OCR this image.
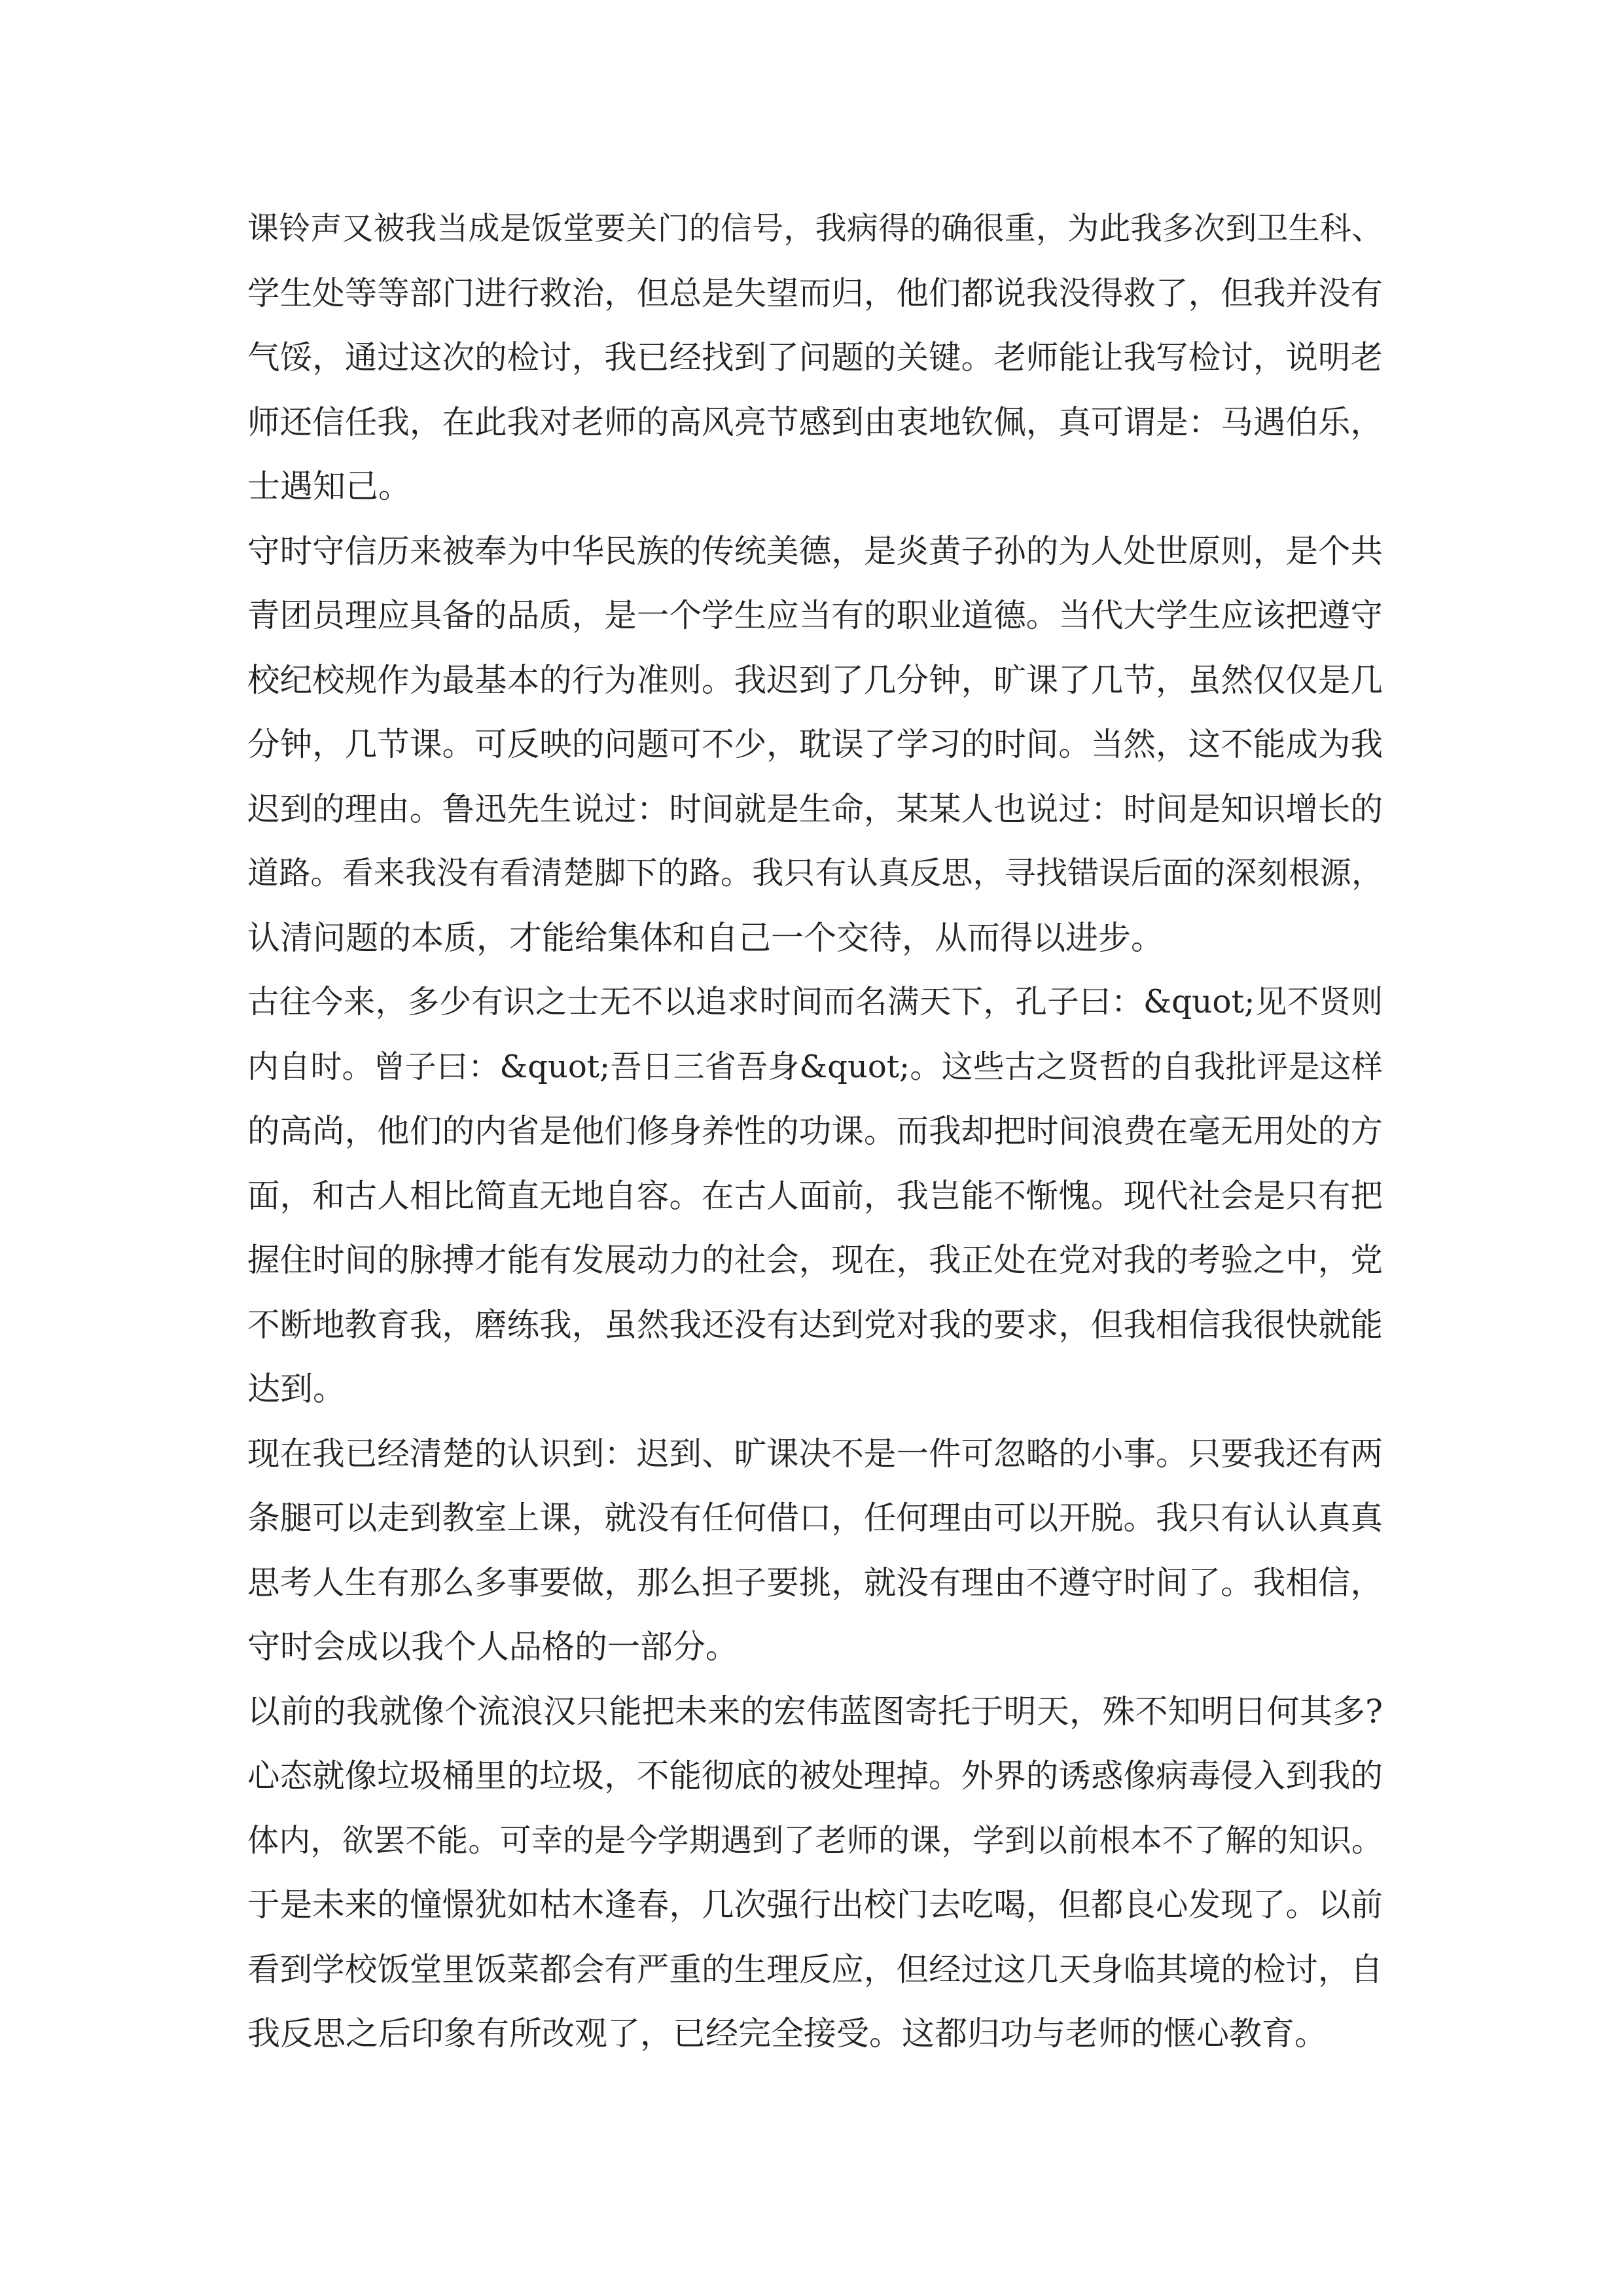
课铃声又被我当成是饭堂要关门的信号，我病得的确很重，为此我多次到卫生科、
学生处等等部门进行救治，但总是失望而归，他们都说我没得救了，但我并没有
气馁，通过这次的检讨，我已经找到了问题的关键。老师能让我写检讨，说明老
师还信任我，在此我对老师的高风亮节感到由衷地钦佩，真可谓是：马遇伯乐，
士遇知己。

守时守信历来被奉为中华民族的传统美德，是炎黄子孙的为人处世原则，是个共
青团员理应具备的品质，是一个学生应当有的职业道德。当代大学生应该把遵守
校纪校规作为最基本的行为准则。我迟到了几分钟，旷课了几节，虽然仅仅是几
分钟，几节课。可反映的问题可不少，耽误了学习的时间。当然，这不能成为我
迟到的理由。鲁迅先生说过：时间就是生命，某某人也说过：时间是知识增长的
道路。看来我没有看清楚脚下的路。我只有认真反思，寻找错误后面的深刻根源，
认清问题的本质，才能给集体和自己一个交待，从而得以进步。

古往今来，多少有识之士无不以追求时间而名满天下，孔子曰：&quot;见不贤则
内自时。曾子曰：&quot;吾日三省吾身&quot;。这些古之贤哲的自我批评是这样
的高尚，他们的内省是他们修身养性的功课。而我却把时间浪费在毫无用处的方
面，和古人相比简直无地自容。在古人面前，我岂能不惭愧。现代社会是只有把
握住时间的脉搏才能有发展动力的社会，现在，我正处在党对我的考验之中，党
不断地教育我，磨练我，虽然我还没有达到党对我的要求，但我相信我很快就能
达到。

现在我已经清楚的认识到：迟到、旷课决不是一件可忽略的小事。只要我还有两
条腿可以走到教室上课，就没有任何借口，任何理由可以开脱。我只有认认真真
思考人生有那么多事要做，那么担子要挑，就没有理由不遵守时间了。我相信，
守时会成以我个人品格的一部分。

以前的我就像个流浪汉只能把未来的宏伟蓝图寄托于明天，殊不知明日何其多?
心态就像垃圾桶里的垃圾，不能彻底的被处理掉。外界的诱惑像病毒侵入到我的
体内，欲罢不能。可幸的是今学期遇到了老师的课，学到以前根本不了解的知识。
于是未来的憧憬犹如枯木逢春，几次强行出校门去吃喝，但都良心发现了。以前
看到学校饭堂里饭菜都会有严重的生理反应，但经过这几天身临其境的检讨，自
我反思之后印象有所改观了，已经完全接受。这都归功与老师的惬心教育。
